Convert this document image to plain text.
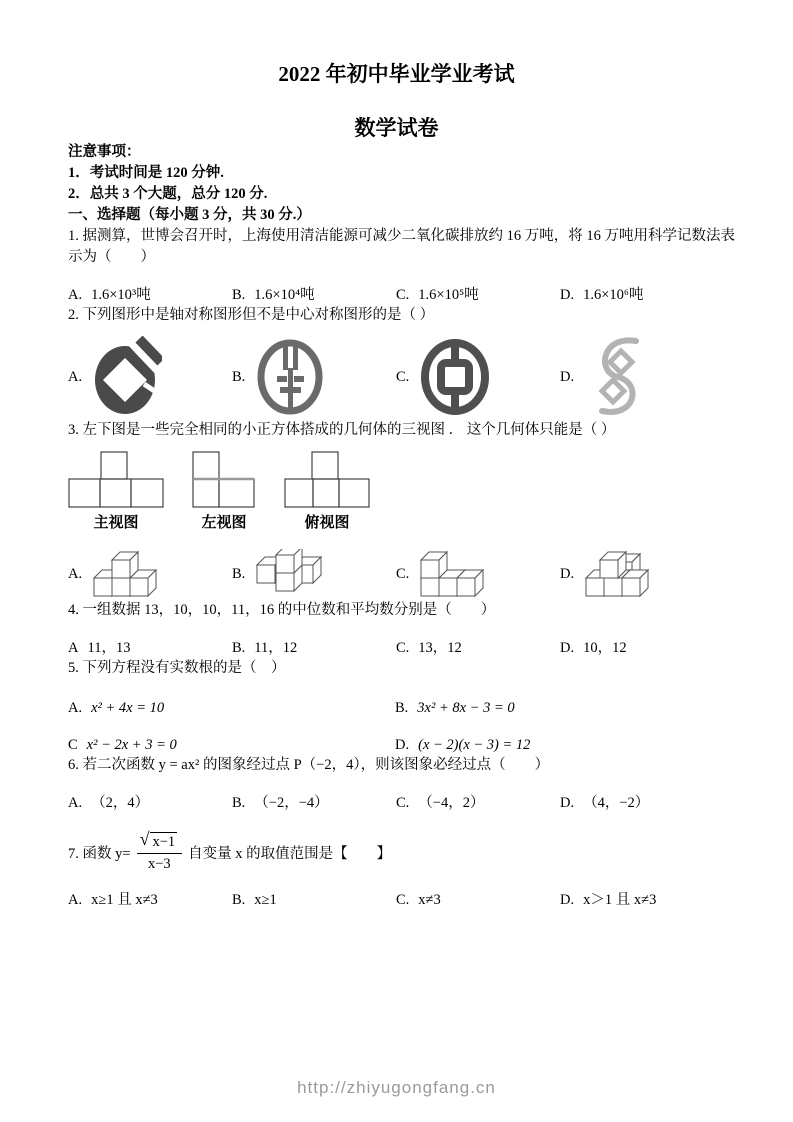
2022 年初中毕业学业考试
数学试卷

注意事项：

1．考试时间是 120 分钟.

2．总共 3 个大题，总分 120 分.

一、选择题（每小题 3 分，共 30 分.）

1. 据测算，世博会召开时，上海使用清洁能源可减少二氧化碳排放约 16 万吨，将 16 万吨用科学记数法表

示为（　　）

A. 1.6×10³吨	B. 1.6×10⁴吨	C. 1.6×10⁵吨	D. 1.6×10⁶吨

2. 下列图形中是轴对称图形但不是中心对称图形的是（ ）

A.	B.	C.	D.

3. 左下图是一些完全相同的小正方体搭成的几何体的三视图 ． 这个几何体只能是（ ）

主视图	左视图	俯视图
A.	B.	C.	D.

4. 一组数据 13，10，10，11，16 的中位数和平均数分别是（　　）

A 11，13	B. 11，12	C. 13，12	D. 10，12

5. 下列方程没有实数根的是（　）

A. x² + 4x = 10	B. 3x² + 8x − 3 = 0
C x² − 2x + 3 = 0	D. (x − 2)(x − 3) = 12

6. 若二次函数 y = ax² 的图象经过点 P（−2，4），则该图象必经过点（　　）

A. （2，4）	B. （−2，−4）	C. （−4，2）	D. （4，−2）
7. 函数 $y= \frac{√ x-1}{x-3}$ 自变量 x 的取值范围是【　　】
A. x≥1 且 x≠3	B. x≥1	C. x≠3	D. x＞1 且 x≠3
http://zhiyugongfang.cn
